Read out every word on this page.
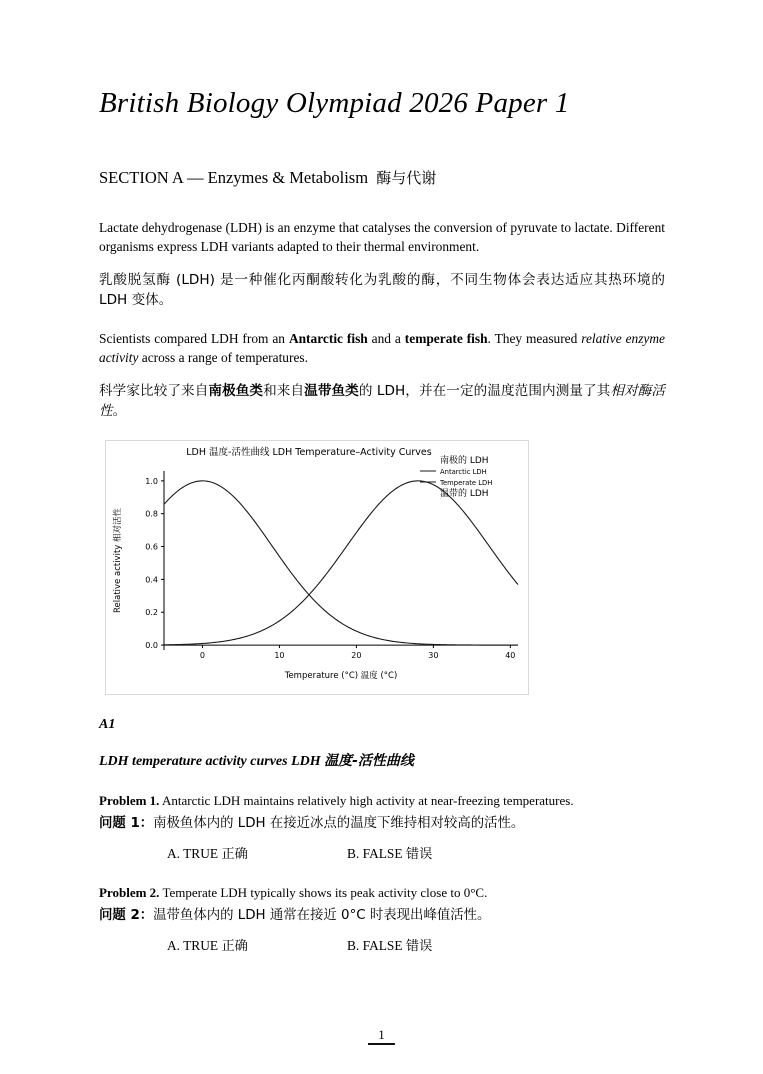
British Biology Olympiad 2026 Paper 1
SECTION A — Enzymes & Metabolism 酶与代谢

Lactate dehydrogenase (LDH) is an enzyme that catalyses the conversion of pyruvate to lactate. Different organisms express LDH variants adapted to their thermal environment.

乳酸脱氢酶 (LDH) 是一种催化丙酮酸转化为乳酸的酶，不同生物体会表达适应其热环境的 LDH 变体。

Scientists compared LDH from an Antarctic fish and a temperate fish. They measured relative enzyme activity across a range of temperatures.

科学家比较了来自南极鱼类和来自温带鱼类的 LDH，并在一定的温度范围内测量了其相对酶活性。

LDH 温度-活性曲线 LDH Temperature–Activity Curves
0.0
0.2
0.4
0.6
0.8
1.0
0	10	20	30	40
Temperature (°C) 温度 (°C)
Relative activity 相对活性
南极的 LDH
Antarctic LDH
Temperate LDH
温带的 LDH

A1

LDH temperature activity curves LDH 温度-活性曲线

Problem 1. Antarctic LDH maintains relatively high activity at near-freezing temperatures.

问题 1：南极鱼体内的 LDH 在接近冰点的温度下维持相对较高的活性。

A. TRUE 正确	B. FALSE 错误

Problem 2. Temperate LDH typically shows its peak activity close to 0°C.

问题 2：温带鱼体内的 LDH 通常在接近 0°C 时表现出峰值活性。

A. TRUE 正确	B. FALSE 错误
1
